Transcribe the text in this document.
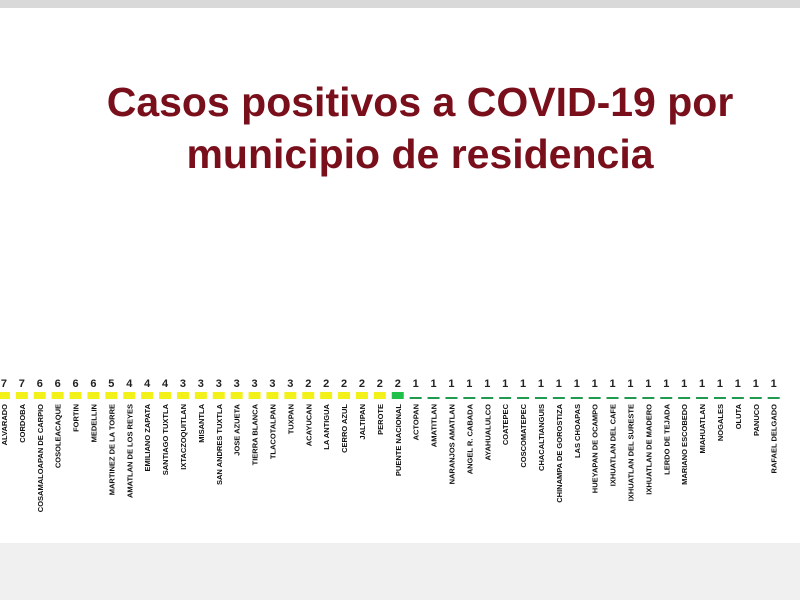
Casos positivos a COVID-19 por
municipio de residencia
7
ALVARADO
7
CORDOBA
6
COSAMALOAPAN DE CARPIO
6
COSOLEACAQUE
6
FORTIN
6
MEDELLIN
5
MARTINEZ DE LA TORRE
4
AMATLAN DE LOS REYES
4
EMILIANO ZAPATA
4
SANTIAGO TUXTLA
3
IXTACZOQUITLAN
3
MISANTLA
3
SAN ANDRES TUXTLA
3
JOSE AZUETA
3
TIERRA BLANCA
3
TLACOTALPAN
3
TUXPAN
2
ACAYUCAN
2
LA ANTIGUA
2
CERRO AZUL
2
JALTIPAN
2
PEROTE
2
PUENTE NACIONAL
1
ACTOPAN
1
AMATITLAN
1
NARANJOS AMATLAN
1
ANGEL R. CABADA
1
AYAHUALULCO
1
COATEPEC
1
COSCOMATEPEC
1
CHACALTIANGUIS
1
CHINAMPA DE GOROSTIZA
1
LAS CHOAPAS
1
HUEYAPAN DE OCAMPO
1
IXHUATLAN DEL CAFE
1
IXHUATLAN DEL SURESTE
1
IXHUATLAN DE MADERO
1
LERDO DE TEJADA
1
MARIANO ESCOBEDO
1
MIAHUATLAN
1
NOGALES
1
OLUTA
1
PANUCO
1
RAFAEL DELGADO
